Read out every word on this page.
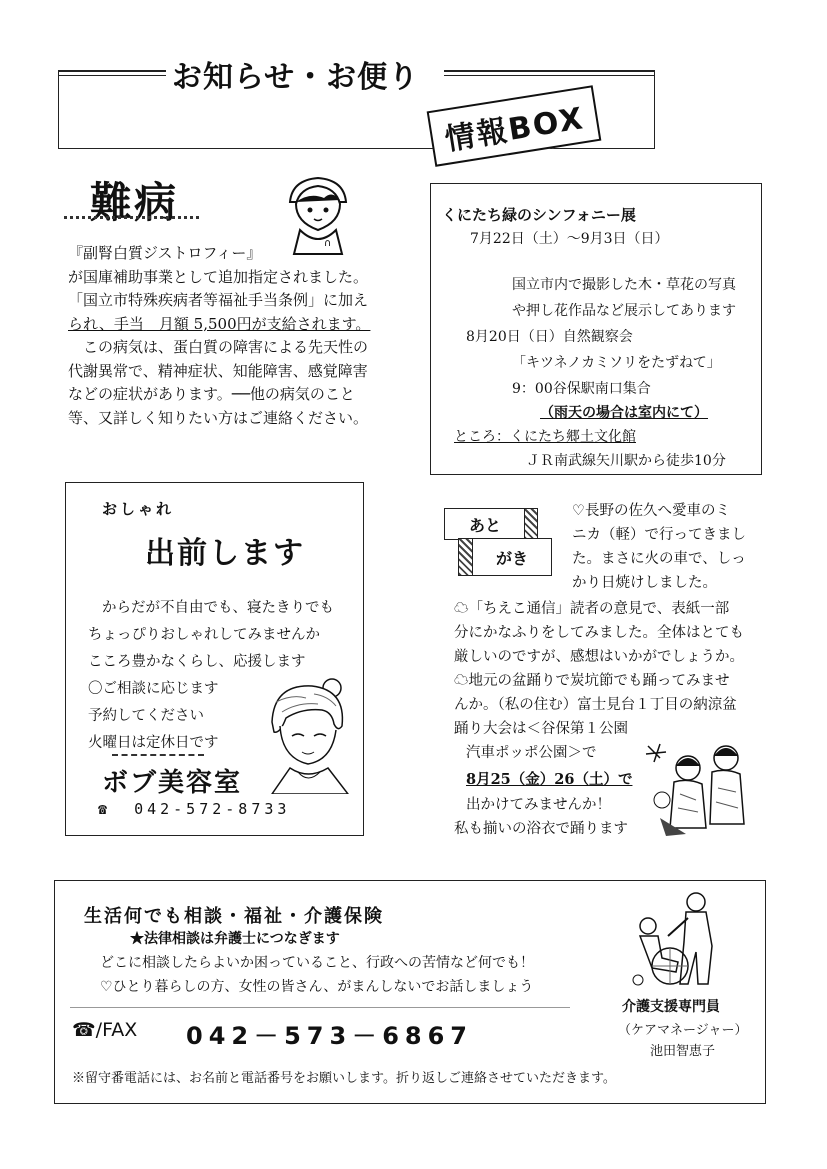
お知らせ・お便り
情報BOX
難病
∩
『副腎白質ジストロフィー』
が国庫補助事業として追加指定されました。
「国立市特殊疾病者等福祉手当条例」に加え
られ、手当　月額 5,500円が支給されます。
　この病気は、蛋白質の障害による先天性の
代謝異常で、精神症状、知能障害、感覚障害
などの症状があります。──他の病気のこと
等、又詳しく知りたい方はご連絡ください。
くにたち緑のシンフォニー展
7月22日（土）～9月3日（日）
国立市内で撮影した木・草花の写真
や押し花作品など展示してあります
8月20日（日）自然観察会
「キツネノカミソリをたずねて」
9：00谷保駅南口集合
（雨天の場合は室内にて）
ところ：くにたち郷土文化館
ＪＲ南武線矢川駅から徒歩10分
おしゃれ
出前します
からだが不自由でも、寝たきりでも
ちょっぴりおしゃれしてみませんか
こころ豊かなくらし、応援します
〇ご相談に応じます
予約してください
火曜日は定休日です
ボブ美容室
☎ 042-572-8733
あと
がき
♡長野の佐久へ愛車のミ
ニカ（軽）で行ってきまし
た。まさに火の車で、しっ
かり日焼けしました。
☁「ちえこ通信」読者の意見で、表紙一部
分にかなふりをしてみました。全体はとても
厳しいのですが、感想はいかがでしょうか。
☁地元の盆踊りで炭坑節でも踊ってみませ
んか。（私の住む）富士見台１丁目の納涼盆
踊り大会は＜谷保第１公園
汽車ポッポ公園＞で
8月25（金）26（土）で
出かけてみませんか！
私も揃いの浴衣で踊ります
生活何でも相談・福祉・介護保険
★法律相談は弁護士につなぎます
どこに相談したらよいか困っていること、行政への苦情など何でも！
♡ひとり暮らしの方、女性の皆さん、がまんしないでお話しましょう
☎/FAX 042－573－6867
※留守番電話には、お名前と電話番号をお願いします。折り返しご連絡させていただきます。
介護支援専門員
（ケアマネージャー）
池田智恵子
